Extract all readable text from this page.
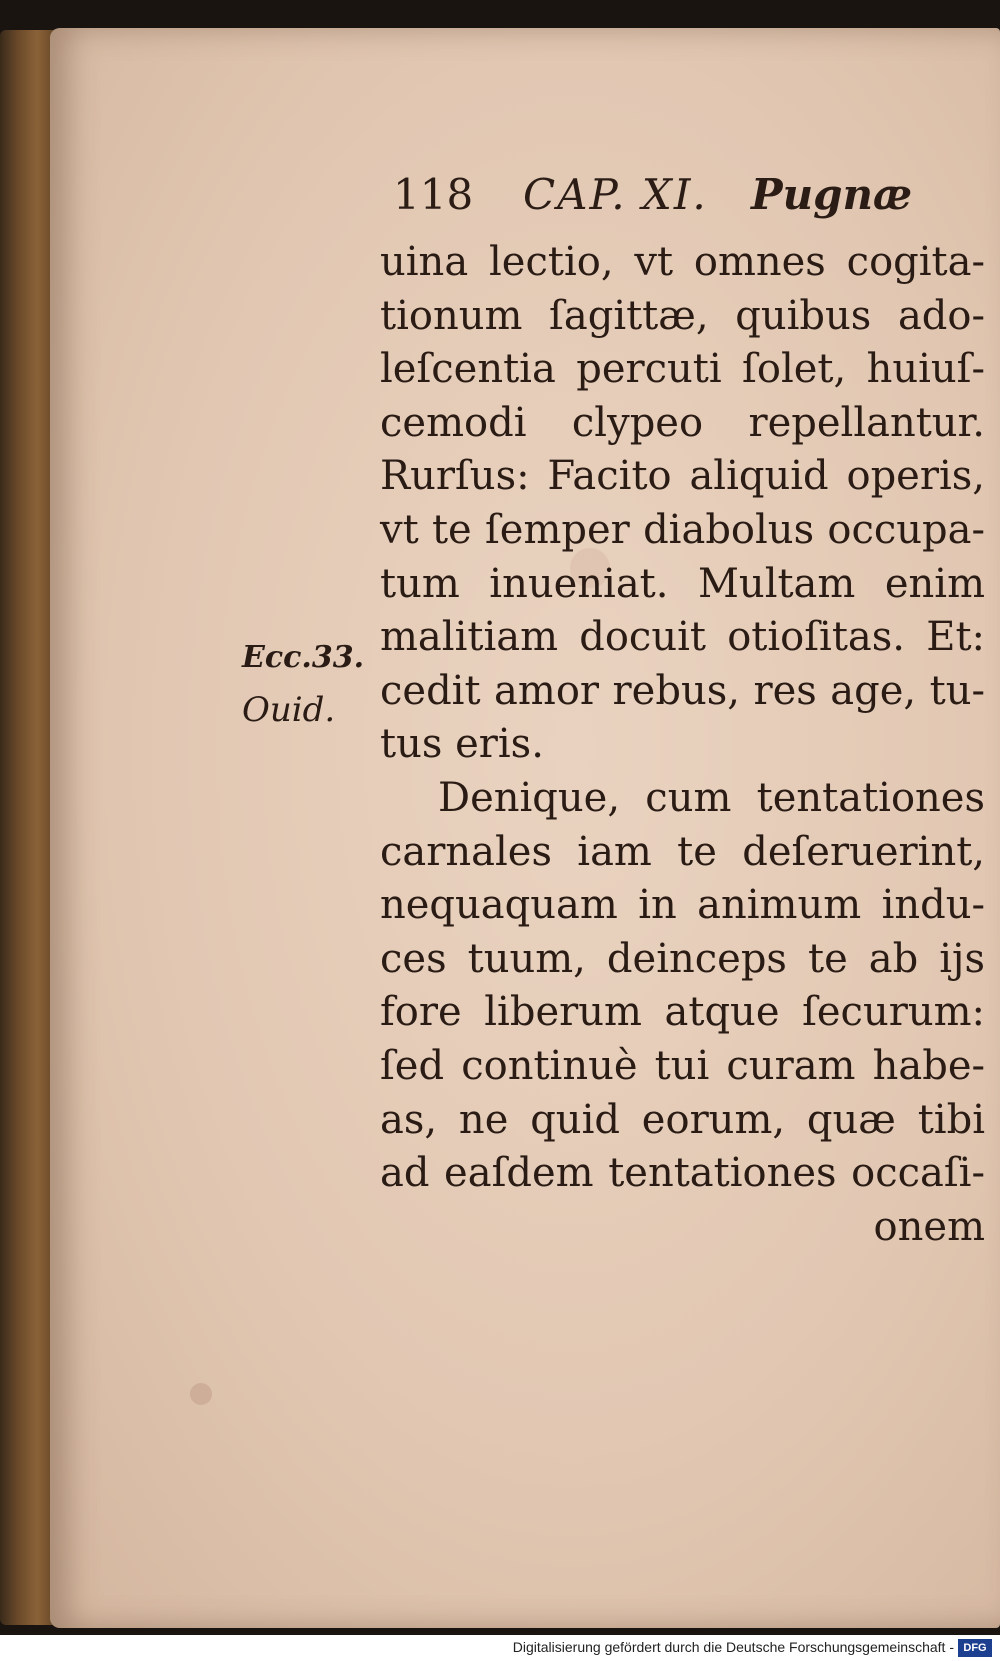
118 CAP. XI. Pugnæ
Ecc.33.
Ouid.
uina lectio, vt omnes cogita-
tionum ſagittæ, quibus ado-
leſcentia percuti ſolet, huiuſ-
cemodi clypeo repellantur.
Rurſus: Facito aliquid operis,
vt te ſemper diabolus occupa-
tum inueniat. Multam enim
malitiam docuit otioſitas. Et:
cedit amor rebus, res age, tu-
tus eris.
Denique, cum tentationes
carnales iam te deſeruerint,
nequaquam in animum indu-
ces tuum, deinceps te ab ijs
fore liberum atque ſecurum:
ſed continuè tui curam habe-
as, ne quid eorum, quæ tibi
ad eaſdem tentationes occaſi-
onem
Digitalisierung gefördert durch die Deutsche Forschungsgemeinschaft - DFG
